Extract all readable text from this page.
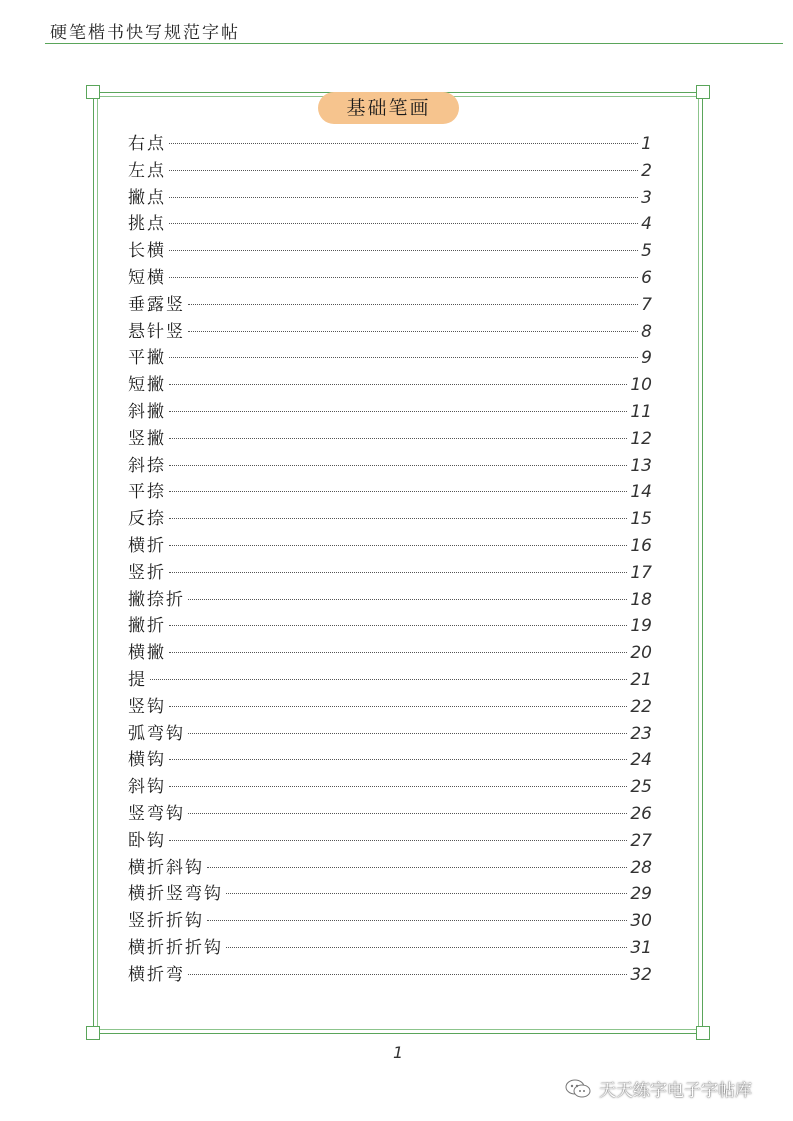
硬笔楷书快写规范字帖
基础笔画
右点	1
左点	2
撇点	3
挑点	4
长横	5
短横	6
垂露竖	7
悬针竖	8
平撇	9
短撇	10
斜撇	11
竖撇	12
斜捺	13
平捺	14
反捺	15
横折	16
竖折	17
撇捺折	18
撇折	19
横撇	20
提	21
竖钩	22
弧弯钩	23
横钩	24
斜钩	25
竖弯钩	26
卧钩	27
横折斜钩	28
横折竖弯钩	29
竖折折钩	30
横折折折钩	31
横折弯	32
1
天天练字电子字帖库
